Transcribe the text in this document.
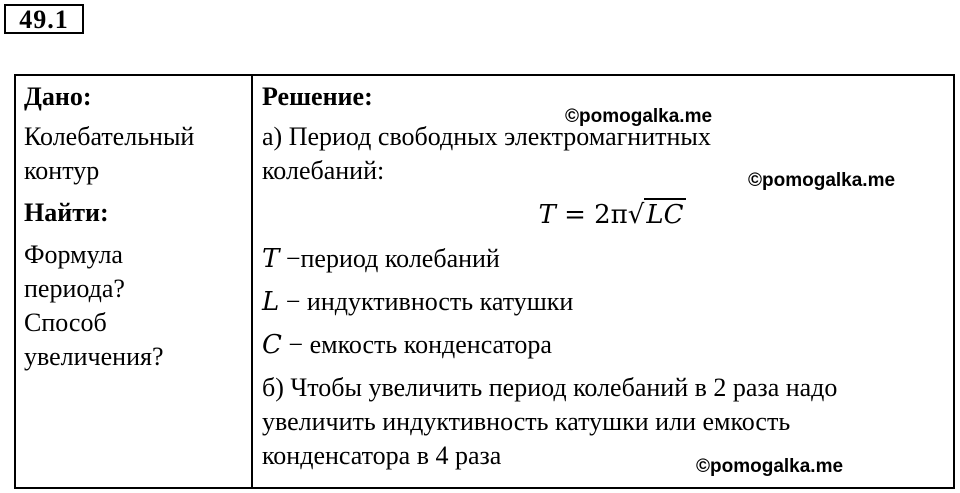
49.1

Дано:

Колебательный

контур

Найти:

Формула

периода?

Способ

увеличения?

Решение:

а) Период свободных электромагнитных

колебаний:

T = 2π√LC

T −период колебаний

L − индуктивность катушки

C − емкость конденсатора

б) Чтобы увеличить период колебаний в 2 раза надо

увеличить индуктивность катушки или емкость

конденсатора в 4 раза

©pomogalka.me
©pomogalka.me
©pomogalka.me
